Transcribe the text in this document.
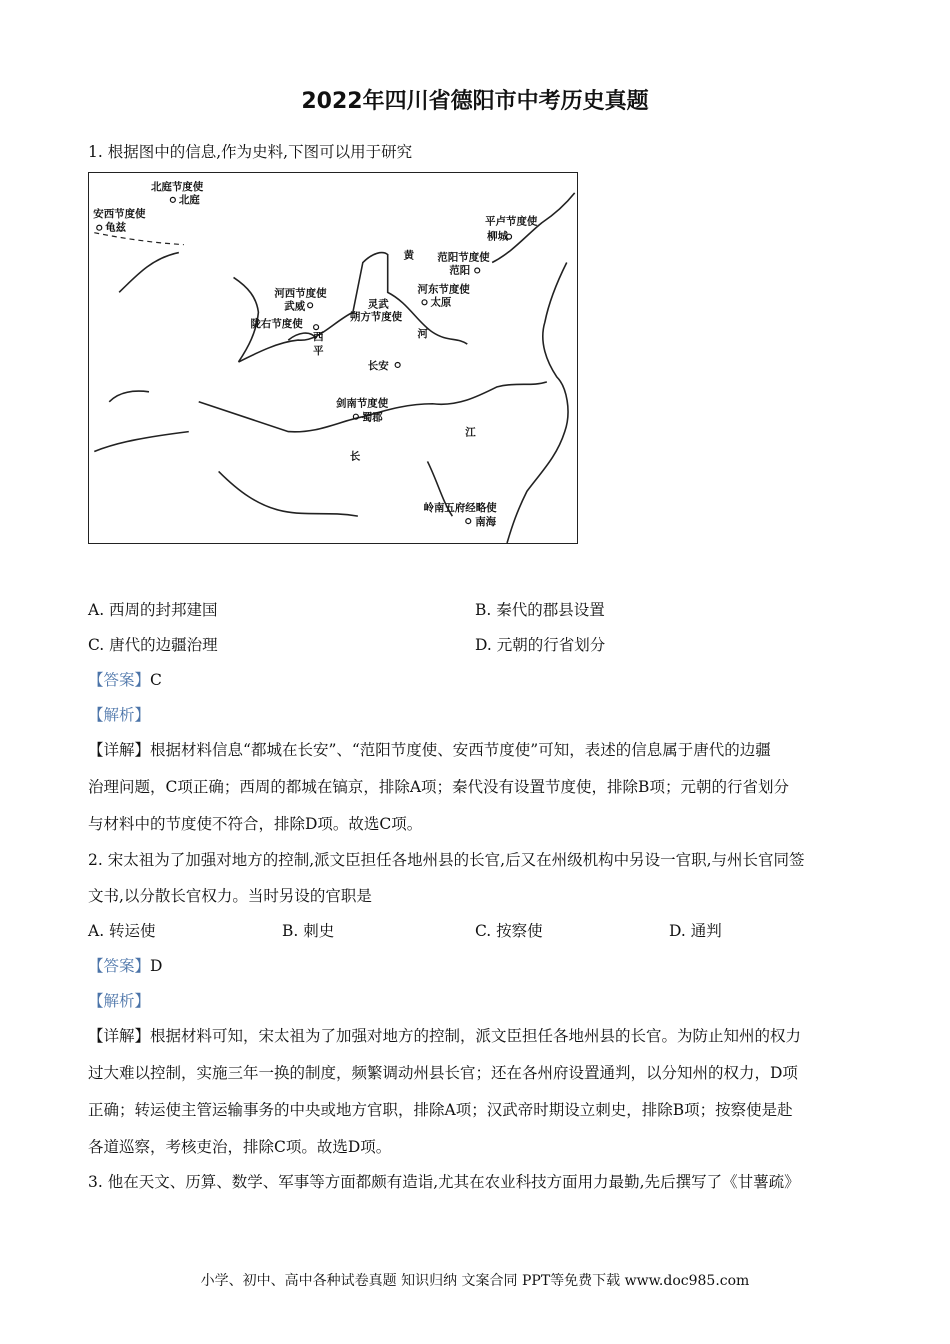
2022年四川省德阳市中考历史真题
1. 根据图中的信息,作为史料,下图可以用于研究
北庭节度使
北庭
安西节度使
龟兹	平卢节度使
柳城
黄 范阳节度使
范阳
河西节度使
武威
河东节度使
太原
灵武
朔方节度使
陇右节度使
河
西
平
长安
剑南节度使
蜀郡
江
长
岭南五府经略使
南海
A. 西周的封邦建国	B. 秦代的郡县设置
C. 唐代的边疆治理	D. 元朝的行省划分
【答案】C
【解析】
【详解】根据材料信息“都城在长安”、“范阳节度使、安西节度使”可知，表述的信息属于唐代的边疆
治理问题，C项正确；西周的都城在镐京，排除A项；秦代没有设置节度使，排除B项；元朝的行省划分
与材料中的节度使不符合，排除D项。故选C项。
2. 宋太祖为了加强对地方的控制,派文臣担任各地州县的长官,后又在州级机构中另设一官职,与州长官同签
文书,以分散长官权力。当时另设的官职是
A. 转运使	B. 刺史	C. 按察使	D. 通判
【答案】D
【解析】
【详解】根据材料可知，宋太祖为了加强对地方的控制，派文臣担任各地州县的长官。为防止知州的权力
过大难以控制，实施三年一换的制度，频繁调动州县长官；还在各州府设置通判，以分知州的权力，D项
正确；转运使主管运输事务的中央或地方官职，排除A项；汉武帝时期设立刺史，排除B项；按察使是赴
各道巡察，考核吏治，排除C项。故选D项。
3. 他在天文、历算、数学、军事等方面都颇有造诣,尤其在农业科技方面用力最勤,先后撰写了《甘薯疏》
小学、初中、高中各种试卷真题 知识归纳 文案合同 PPT等免费下载 www.doc985.com
